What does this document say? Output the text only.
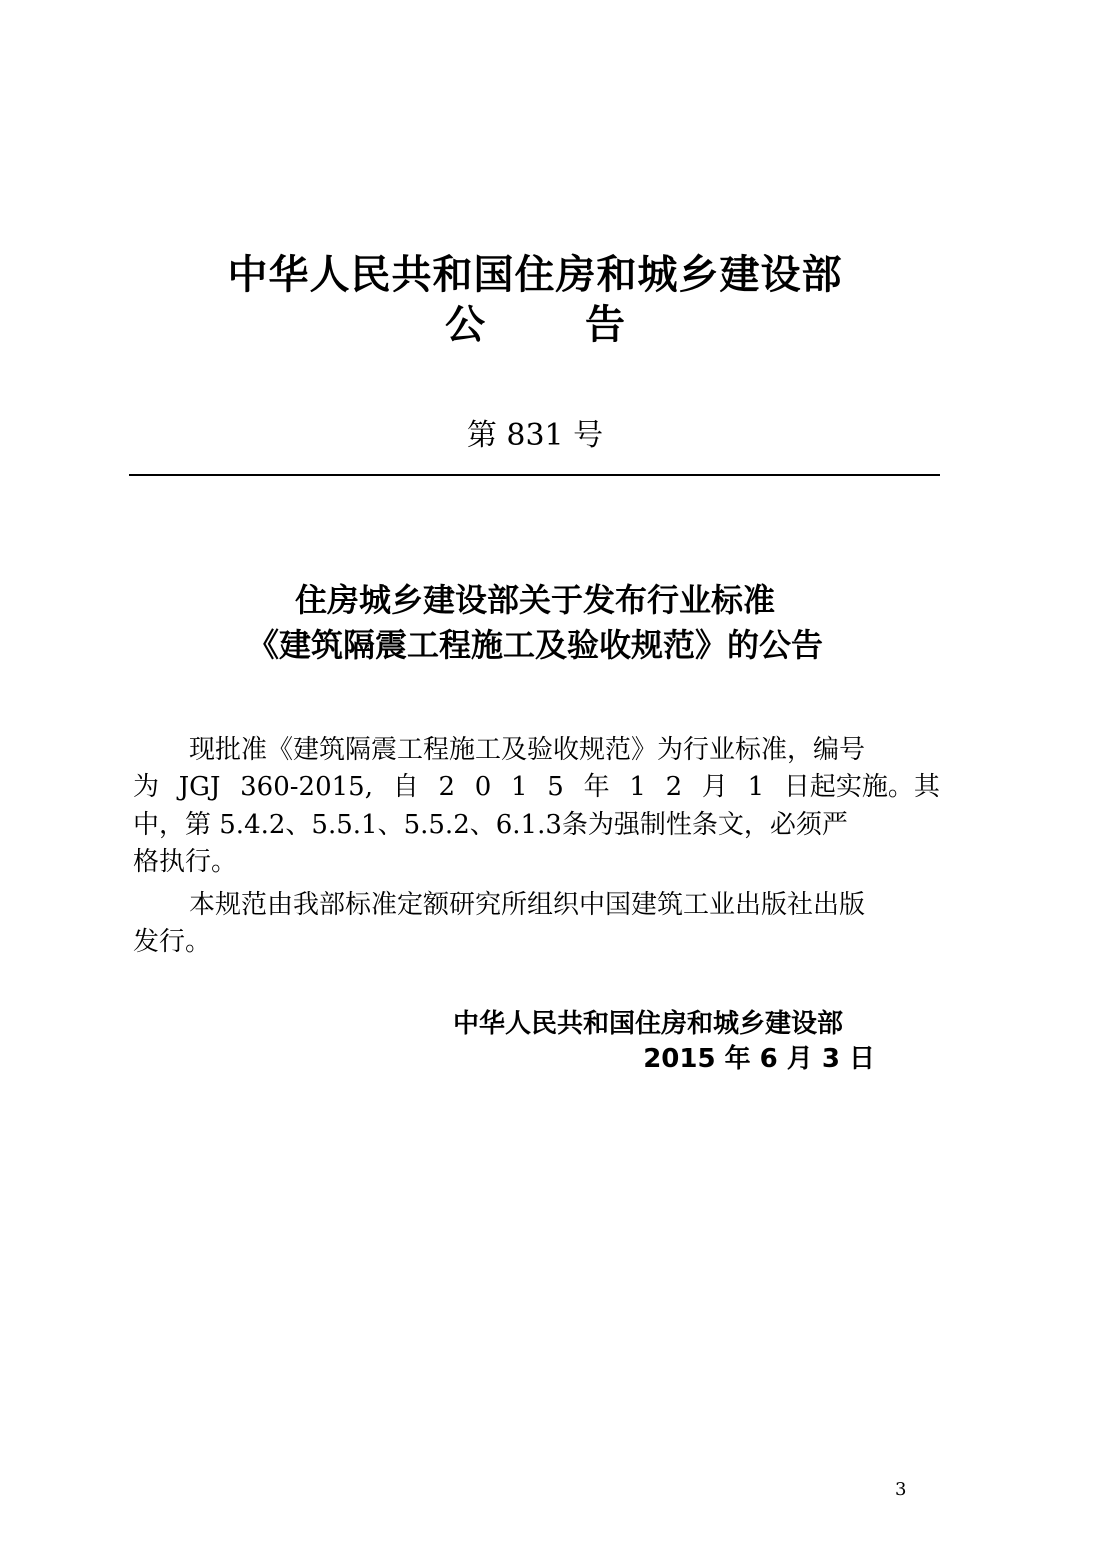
中华人民共和国住房和城乡建设部
公告
第 831 号
住房城乡建设部关于发布行业标准
《建筑隔震工程施工及验收规范》的公告
现批准《建筑隔震工程施工及验收规范》为行业标准，编号
为 JGJ 360-2015, 自 2 0 1 5 年 1 2 月 1 日起实施。其
中，第 5.4.2、5.5.1、5.5.2、6.1.3条为强制性条文，必须严
格执行。
本规范由我部标准定额研究所组织中国建筑工业出版社出版
发行。
中华人民共和国住房和城乡建设部
2015 年 6 月 3 日
3
